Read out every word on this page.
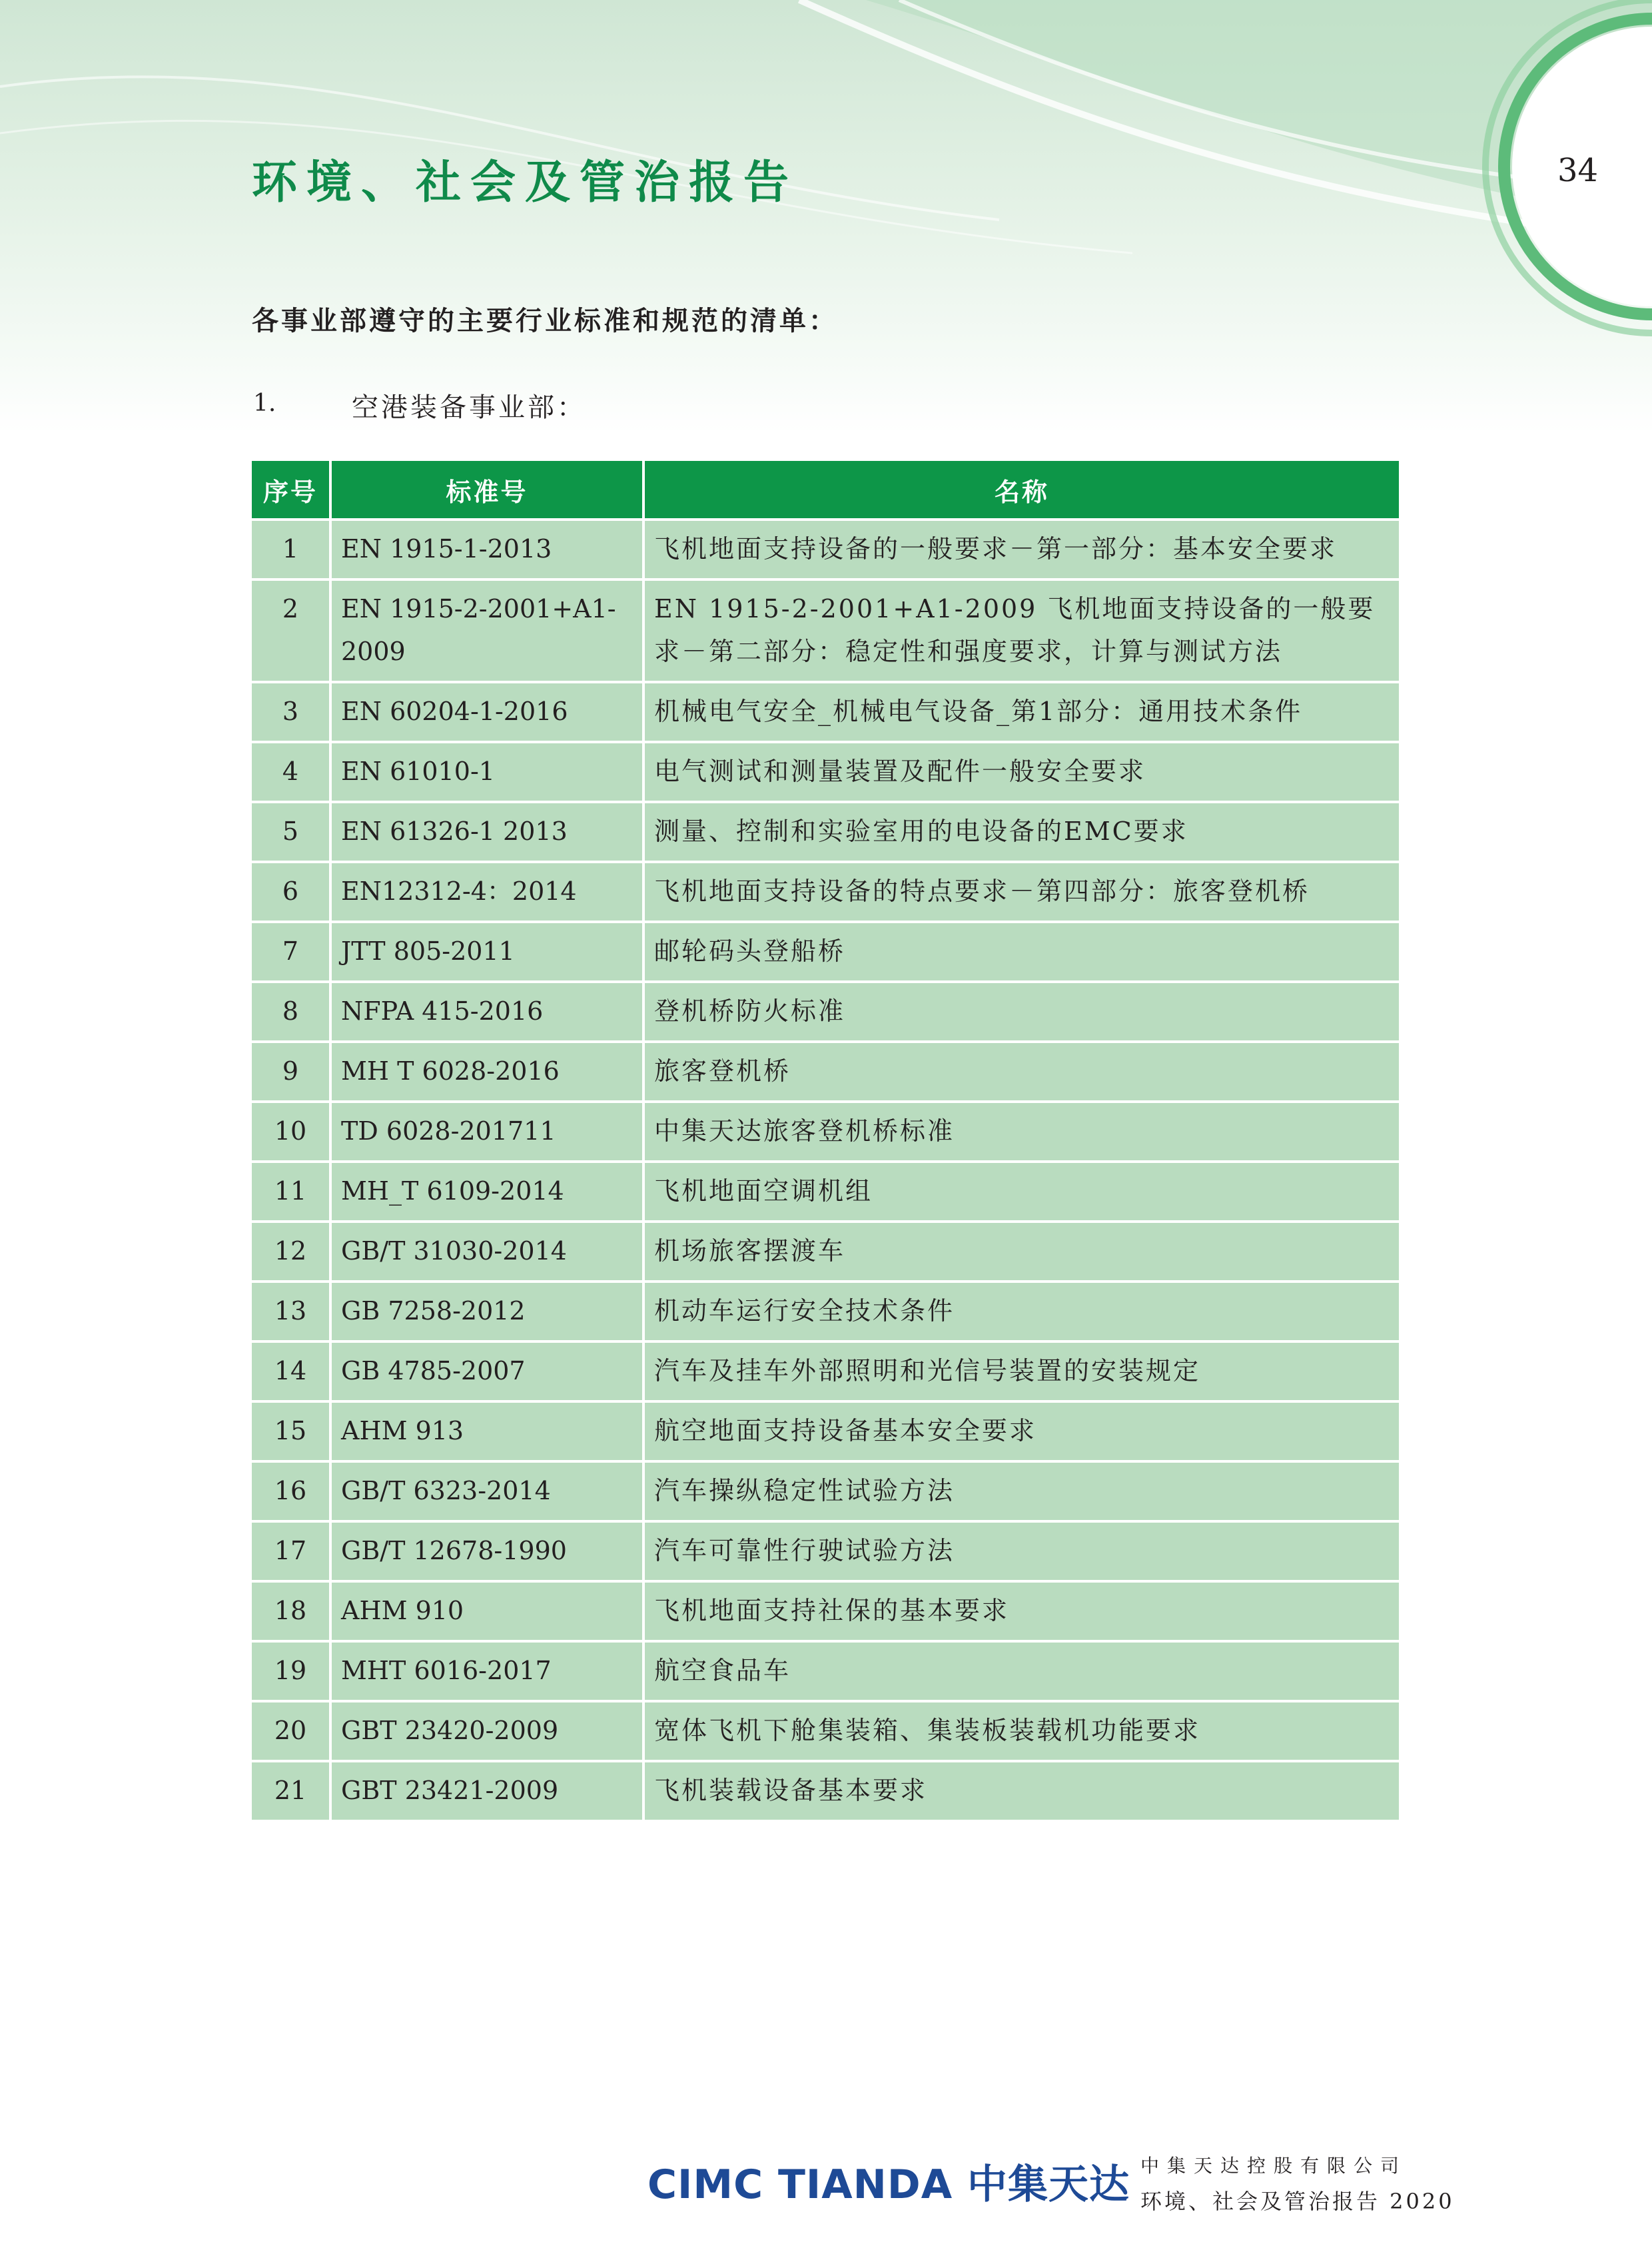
环境、社会及管治报告	34
各事业部遵守的主要行业标准和规范的清单：
1.	空港装备事业部：
序号	标准号	名称
1	EN 1915-1-2013	飞机地面支持设备的一般要求－第一部分：基本安全要求
2	EN 1915-2-2001+A1-2009	EN 1915-2-2001+A1-2009 飞机地面支持设备的一般要求－第二部分：稳定性和强度要求，计算与测试方法
3	EN 60204-1-2016	机械电气安全_机械电气设备_第1部分：通用技术条件
4	EN 61010-1	电气测试和测量装置及配件一般安全要求
5	EN 61326-1 2013	测量、控制和实验室用的电设备的EMC要求
6	EN12312-4：2014	飞机地面支持设备的特点要求－第四部分：旅客登机桥
7	JTT 805-2011	邮轮码头登船桥
8	NFPA 415-2016	登机桥防火标准
9	MH T 6028-2016	旅客登机桥
10	TD 6028-201711	中集天达旅客登机桥标准
11	MH_T 6109-2014	飞机地面空调机组
12	GB/T 31030-2014	机场旅客摆渡车
13	GB 7258-2012	机动车运行安全技术条件
14	GB 4785-2007	汽车及挂车外部照明和光信号装置的安装规定
15	AHM 913	航空地面支持设备基本安全要求
16	GB/T 6323-2014	汽车操纵稳定性试验方法
17	GB/T 12678-1990	汽车可靠性行驶试验方法
18	AHM 910	飞机地面支持社保的基本要求
19	MHT 6016-2017	航空食品车
20	GBT 23420-2009	宽体飞机下舱集装箱、集装板装载机功能要求
21	GBT 23421-2009	飞机装载设备基本要求
CIMC TIANDA 中集天达 中集天达控股有限公司
环境、社会及管治报告 2020
